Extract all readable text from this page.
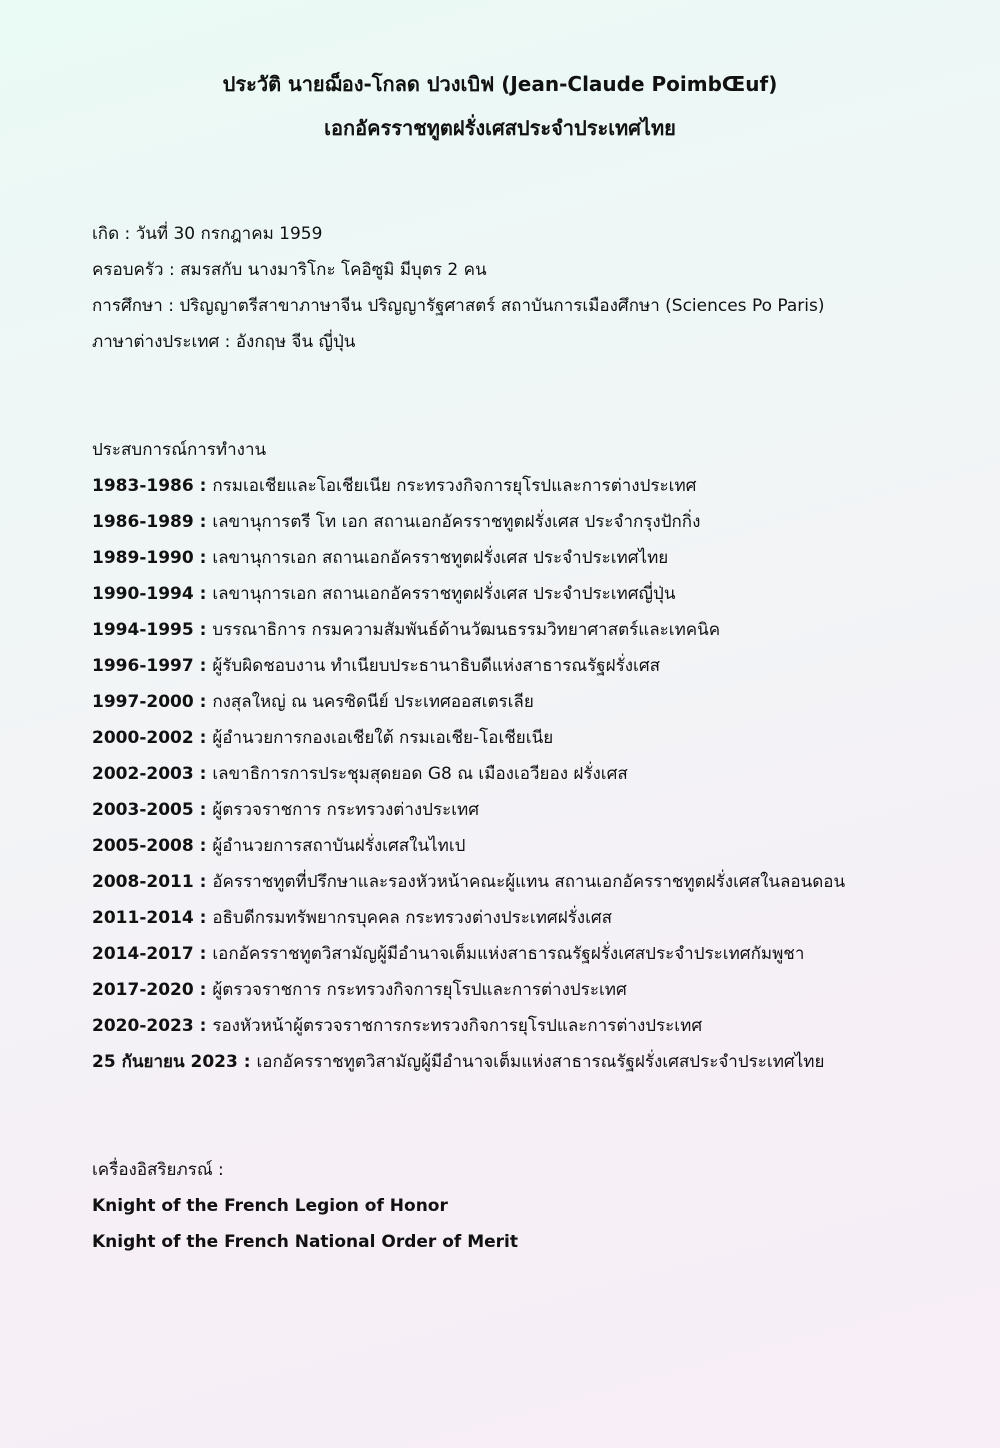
ประวัติ นายฌ็อง-โกลด ปวงเบิฟ (Jean-Claude PoimbŒuf)
เอกอัครราชทูตฝรั่งเศสประจำประเทศไทย
เกิด : วันที่ 30 กรกฎาคม 1959
ครอบครัว : สมรสกับ นางมาริโกะ โคอิซูมิ มีบุตร 2 คน
การศึกษา : ปริญญาตรีสาขาภาษาจีน ปริญญารัฐศาสตร์ สถาบันการเมืองศึกษา (Sciences Po Paris)
ภาษาต่างประเทศ : อังกฤษ จีน ญี่ปุ่น
ประสบการณ์การทำงาน
1983-1986 : กรมเอเชียและโอเชียเนีย กระทรวงกิจการยุโรปและการต่างประเทศ
1986-1989 : เลขานุการตรี โท เอก สถานเอกอัครราชทูตฝรั่งเศส ประจำกรุงปักกิ่ง
1989-1990 : เลขานุการเอก สถานเอกอัครราชทูตฝรั่งเศส ประจำประเทศไทย
1990-1994 : เลขานุการเอก สถานเอกอัครราชทูตฝรั่งเศส ประจำประเทศญี่ปุ่น
1994-1995 : บรรณาธิการ กรมความสัมพันธ์ด้านวัฒนธรรมวิทยาศาสตร์และเทคนิค
1996-1997 : ผู้รับผิดชอบงาน ทำเนียบประธานาธิบดีแห่งสาธารณรัฐฝรั่งเศส
1997-2000 : กงสุลใหญ่ ณ นครซิดนีย์ ประเทศออสเตรเลีย
2000-2002 : ผู้อำนวยการกองเอเชียใต้ กรมเอเชีย-โอเชียเนีย
2002-2003 : เลขาธิการการประชุมสุดยอด G8 ณ เมืองเอวียอง ฝรั่งเศส
2003-2005 : ผู้ตรวจราชการ กระทรวงต่างประเทศ
2005-2008 : ผู้อำนวยการสถาบันฝรั่งเศสในไทเป
2008-2011 : อัครราชทูตที่ปรึกษาและรองหัวหน้าคณะผู้แทน สถานเอกอัครราชทูตฝรั่งเศสในลอนดอน
2011-2014 : อธิบดีกรมทรัพยากรบุคคล กระทรวงต่างประเทศฝรั่งเศส
2014-2017 : เอกอัครราชทูตวิสามัญผู้มีอำนาจเต็มแห่งสาธารณรัฐฝรั่งเศสประจำประเทศกัมพูชา
2017-2020 : ผู้ตรวจราชการ กระทรวงกิจการยุโรปและการต่างประเทศ
2020-2023 : รองหัวหน้าผู้ตรวจราชการกระทรวงกิจการยุโรปและการต่างประเทศ
25 กันยายน 2023 : เอกอัครราชทูตวิสามัญผู้มีอำนาจเต็มแห่งสาธารณรัฐฝรั่งเศสประจำประเทศไทย
เครื่องอิสริยภรณ์ :
Knight of the French Legion of Honor
Knight of the French National Order of Merit
